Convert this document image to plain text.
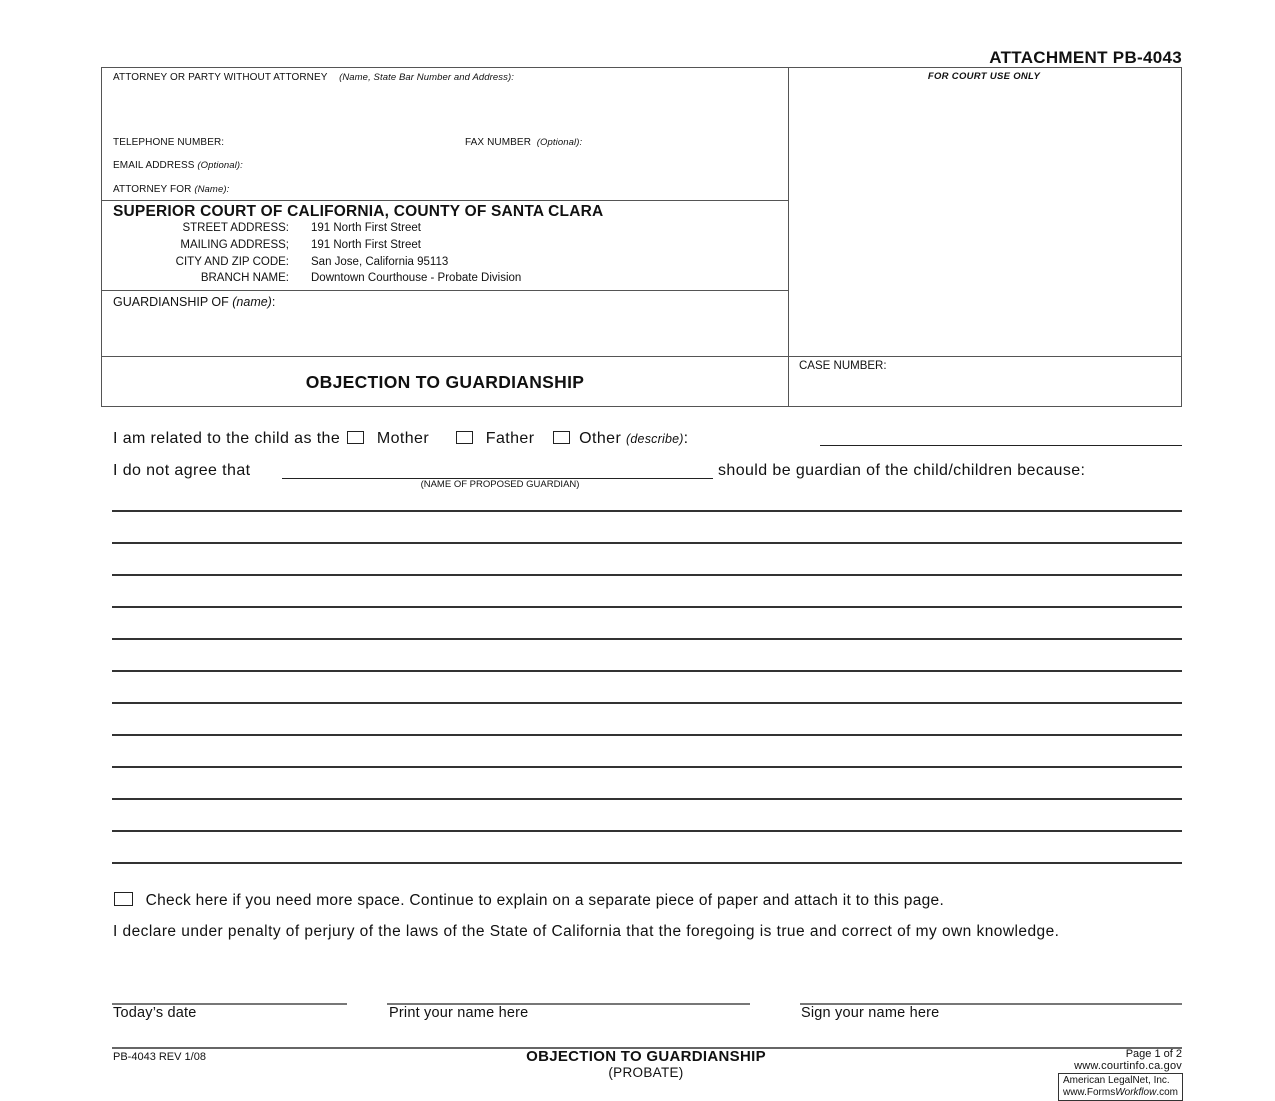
ATTACHMENT PB-4043
ATTORNEY OR PARTY WITHOUT ATTORNEY (Name, State Bar Number and Address):
TELEPHONE NUMBER:	FAX NUMBER (Optional):
EMAIL ADDRESS (Optional):
ATTORNEY FOR (Name):
FOR COURT USE ONLY
SUPERIOR COURT OF CALIFORNIA, COUNTY OF SANTA CLARA
STREET ADDRESS: 191 North First Street
MAILING ADDRESS; 191 North First Street
CITY AND ZIP CODE: San Jose, California 95113
BRANCH NAME: Downtown Courthouse - Probate Division
GUARDIANSHIP OF (name):
OBJECTION TO GUARDIANSHIP
CASE NUMBER:
I am related to the child as the Mother	Father	Other (describe):
I do not agree that
(NAME OF PROPOSED GUARDIAN)
should be guardian of the child/children because:
Check here if you need more space. Continue to explain on a separate piece of paper and attach it to this page.
I declare under penalty of perjury of the laws of the State of California that the foregoing is true and correct of my own knowledge.
Today’s date	Print your name here	Sign your name here
PB-4043 REV 1/08	OBJECTION TO GUARDIANSHIP
(PROBATE)
Page 1 of 2
www.courtinfo.ca.gov
American LegalNet, Inc.
www.FormsWorkflow.com
